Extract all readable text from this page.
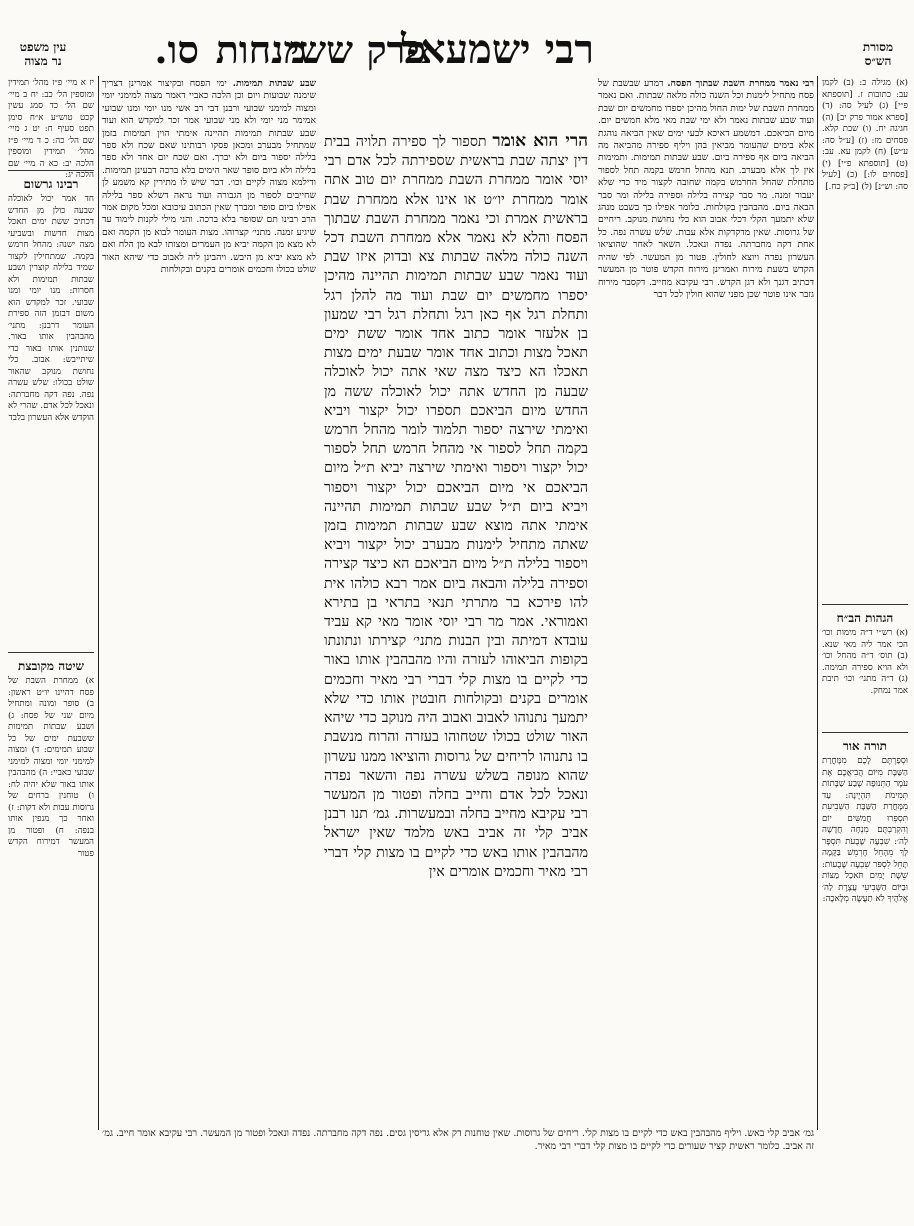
מסורת
הש״ס
רבי ישמעאל
פרק ששי
מנחות
סו.
עין משפט
נר מצוה

(א) מגילה כ: (ב) לקמן עב: כתובות ז. [תוספתא פ״י] (ג) לעיל סה: (ד) [ספרא אמור פרק יב] (ה) חגיגה יח. (ו) שבת קלא. פסחים מז: (ז) [ע״ל סה: ע״ש] (ח) לקמן עא. עב: (ט) [תוספתא פ״י] (י) [פסחים לו:] (כ) [לעיל סה: וש״נ] (ל) [ב״ק כח.]

הגהות הב״ח
(א) רש״י ד״ה מימות וכו׳ הכי אמר ליה מאי שנא. (ב) תוס׳ ד״ה מהחל וכו׳ ולא הויא ספירה תמימה. (ג) ד״ה מתני׳ וכו׳ תיבת אמר נמחק.
תורה אור
וּסְפַרְתֶּם לָכֶם מִמָּחֳרַת הַשַּׁבָּת מִיּוֹם הֲבִיאֲכֶם אֶת עֹמֶר הַתְּנוּפָה שֶׁבַע שַׁבָּתוֹת תְּמִימֹת תִּהְיֶינָה: עַד מִמָּחֳרַת הַשַּׁבָּת הַשְּׁבִיעִת תִּסְפְּרוּ חֲמִשִּׁים יוֹם וְהִקְרַבְתֶּם מִנְחָה חֲדָשָׁה לַה׳: שִׁבְעָה שָׁבֻעֹת תִּסְפָּר לָךְ מֵהָחֵל חֶרְמֵשׁ בַּקָּמָה תָּחֵל לִסְפֹּר שִׁבְעָה שָׁבֻעוֹת: שֵׁשֶׁת יָמִים תֹּאכַל מַצּוֹת וּבַיּוֹם הַשְּׁבִיעִי עֲצֶרֶת לַה׳ אֱלֹהֶיךָ לֹא תַעֲשֶׂה מְלָאכָה:

יז א מיי׳ פ״ז מהל׳ תמידין ומוספין הל׳ כב: יח ב מיי׳ שם הל׳ כד סמג עשין קכט טוש״ע א״ח סימן תפט סעיף ח: יט ג מיי׳ שם הל׳ כה: כ ד מיי׳ פ״ז מהל׳ תמידין ומוספין הלכה יב: כא ה מיי׳ שם הלכה יג:

רבינו גרשום
חד אמר יכול לאוכלה שבעה כולן מן החדש דכתיב ששת ימים תאכל מצות חדשות ובשביעי מצה ישנה: מהחל חרמש בקמה. שמתחילין לקצור שמיד בלילה קוצרין ושבע שבתות תמימות ולא חסרות: מנו יומי ומנו שבועי. זכר למקדש הוא משום דבזמן הזה ספירת העומר דרבנן: מתני׳ מהבהבין אותו באור. שנותנין אותו באור כדי שיתייבש: אבוב. כלי נחושת מנוקב שהאור שולט בכולו: שלש עשרה נפה. נפה דקה מחברתה: ונאכל לכל אדם. שהרי לא הוקדש אלא העשרון בלבד
שיטה מקובצת
א) ממחרת השבת של פסח דהיינו יו״ט ראשון: ב) סופר ומונה ומתחיל מיום שני של פסח: ג) ושבע שבתות תמימות ששבעת ימים של כל שבוע תמימים: ד) ומצוה למימני יומי ומצוה למימני שבועי כאביי: ה) מהבהבין אותו באור שלא יהיה לח: ו) טוחנין ברחים של גרוסות עבות ולא דקות: ז) ואחר כך מנפין אותו בנפה: ח) ופטור מן המעשר דמירוח הקדש פטור

רבי נאמר ממחרת השבת שבתוך הפסח. דמדע שבשבת של פסח מתחיל לימנות וכל השנה כולה מלאה שבתות. ואם נאמר ממחרת השבת של ימות החול מהיכן יספרו מחמשים יום שבת ועוד שבע שבתות נאמר ולא ימי שבת מאי מלא חמשים יום. מיום הביאכם. דמשמע דאיכא לבעי ימים שאין הביאה נוהגת אלא בימים שהעומר מביאין בהן ויליף ספירה מהביאה מה הביאה ביום אף ספירה ביום. שבע שבתות תמימות. ותמימות אין לך אלא מבערב. תנא מהחל חרמש בקמה תחל לספור מתחלת שהחל החרמש בקמה שחובה לקצור מיד כדי שלא יעבור זמנה. מר סבר קצירה בלילה וספירה בלילה ומר סבר הבאה ביום. מהבהבין בקולחות. כלומר אפילו כך בשבט מנהג שלא יתמעך הקלי דכלי אבוב הוא כלי נחושת מנוקב. ריחיים של גרוסות. שאין מדקדקות אלא עבות. שלש עשרה נפה. כל אחת דקה מחברתה. נפדה ונאכל. השאר לאחר שהוציאו העשרון נפדה ויוצא לחולין. פטור מן המעשר. לפי שהיה הקדש בשעת מירוח ואמרינן מירוח הקדש פוטר מן המעשר דכתיב דגנך ולא דגן הקדש. רבי עקיבא מחייב. דקסבר מירוח גזבר אינו פוטר שכן מפני שהוא חולין לכל דבר

שבע שבתות תמימות. ימי הפסח ובקיצור אמרינן דצריך שימנה שבועות ויום וכן הלכה כאביי דאמר מצוה למימני יומי ומצוה למימני שבועי ורבנן דבי רב אשי מנו יומי ומנו שבועי אמימר מני יומי ולא מני שבועי אמר זכר למקדש הוא ועוד שבע שבתות תמימות תהיינה אימתי הוין תמימות בזמן שמתחיל מבערב ומכאן פסקו רבותינו שאם שכח ולא ספר בלילה יספור ביום ולא יברך. ואם שכח יום אחד ולא ספר בלילה ולא ביום סופר שאר הימים בלא ברכה דבעינן תמימות. ודילמא מצוה לקיים וכו׳. דבר שיש לו מתירין קא משמע לן שחייבים לספור מן הגבורה ועוד נראה דשלא ספר בלילה אפילו ביום סופר ומברך שאין הכתוב עיכובא ומכל מקום אמר הרב רבינו תם שסופר בלא ברכה. והני מילי לקנות לימוד עד שיגיע זמנה. מתני׳ קצרוהו. מצות העומר לבוא מן הקמה ואם לא מצא מן הקמה יביא מן העמרים ומצותו לבא מן הלח ואם לא מצא יביא מן היבש. ויהבינן ליה לאבוב כדי שיהא האור שולט בכולו וחכמים אומרים בקנים ובקולחות

הרי הוא אומר תספור לך ספירה תלויה בבית דין יצתה שבת בראשית שספירתה לכל אדם רבי יוסי אומר ממחרת השבת ממחרת יום טוב אתה אומר ממחרת יו״ט או אינו אלא ממחרת שבת בראשית אמרת וכי נאמר ממחרת השבת שבתוך הפסח והלא לא נאמר אלא ממחרת השבת דכל השנה כולה מלאה שבתות צא ובדוק איזו שבת ועוד נאמר שבע שבתות תמימות תהיינה מהיכן יספרו מחמשים יום שבת ועוד מה להלן רגל ותחלת רגל אף כאן רגל ותחלת רגל רבי שמעון בן אלעזר אומר כתוב אחד אומר ששת ימים תאכל מצות וכתוב אחד אומר שבעת ימים מצות תאכלו הא כיצד מצה שאי אתה יכול לאוכלה שבעה מן החדש אתה יכול לאוכלה ששה מן החדש מיום הביאכם תספרו יכול יקצור ויביא ואימתי שירצה יספור תלמוד לומר מהחל חרמש בקמה תחל לספור אי מהחל חרמש תחל לספור יכול יקצור ויספור ואימתי שירצה יביא ת״ל מיום הביאכם אי מיום הביאכם יכול יקצור ויספור ויביא ביום ת״ל שבע שבתות תמימות תהיינה אימתי אתה מוצא שבע שבתות תמימות בזמן שאתה מתחיל לימנות מבערב יכול יקצור ויביא ויספור בלילה ת״ל מיום הביאכם הא כיצד קצירה וספירה בלילה והבאה ביום אמר רבא כולהו אית להו פירכא בר מתרתי תנאי בתראי בן בתירא ואמוראי. אמר מר רבי יוסי אומר מאי קא עביד עובדא דמיתה ובין הבנות מתני׳ קצירתו ונתונתו בקופות הביאוהו לעזרה והיו מהבהבין אותו באור כדי לקיים בו מצות קלי דברי רבי מאיר וחכמים אומרים בקנים ובקולחות חובטין אותו כדי שלא יתמעך נתנוהו לאבוב ואבוב היה מנוקב כדי שיהא האור שולט בכולו שטחוהו בעזרה והרוח מנשבת בו נתנוהו לריחים של גרוסות והוציאו ממנו עשרון שהוא מנופה בשלש עשרה נפה והשאר נפדה ונאכל לכל אדם וחייב בחלה ופטור מן המעשר רבי עקיבא מחייב בחלה ובמעשרות. גמ׳ תנו רבנן אביב קלי זה אביב באש מלמד שאין ישראל מהבהבין אותו באש כדי לקיים בו מצות קלי דברי רבי מאיר וחכמים אומרים אין

גמ׳ אביב קלי באש. ויליף מהבהבין באש כדי לקיים בו מצות קלי. ריחים של גרוסות. שאין טוחנות דק אלא גריסין גסים. נפה דקה מחברתה. נפדה ונאכל ופטור מן המעשר. רבי עקיבא אומר חייב. גמ׳ זה אביב. כלומר ראשית קציר שעורים כדי לקיים בו מצות קלי דברי רבי מאיר.
